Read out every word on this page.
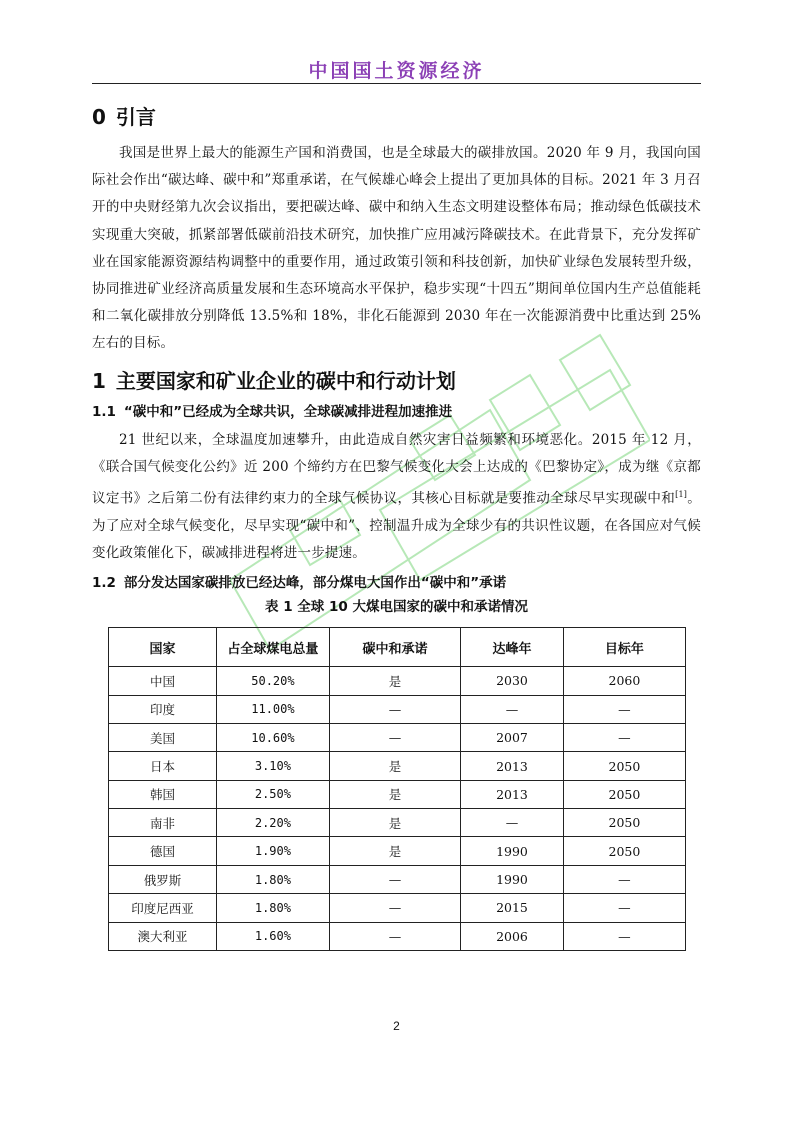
中国国土资源经济
0 引言

我国是世界上最大的能源生产国和消费国，也是全球最大的碳排放国。2020 年 9 月，我国向国际社会作出“碳达峰、碳中和”郑重承诺，在气候雄心峰会上提出了更加具体的目标。2021 年 3 月召开的中央财经第九次会议指出，要把碳达峰、碳中和纳入生态文明建设整体布局；推动绿色低碳技术实现重大突破，抓紧部署低碳前沿技术研究，加快推广应用减污降碳技术。在此背景下，充分发挥矿业在国家能源资源结构调整中的重要作用，通过政策引领和科技创新，加快矿业绿色发展转型升级，协同推进矿业经济高质量发展和生态环境高水平保护，稳步实现“十四五”期间单位国内生产总值能耗和二氧化碳排放分别降低 13.5%和 18%，非化石能源到 2030 年在一次能源消费中比重达到 25%左右的目标。

1 主要国家和矿业企业的碳中和行动计划
1.1 “碳中和”已经成为全球共识，全球碳减排进程加速推进

21 世纪以来，全球温度加速攀升，由此造成自然灾害日益频繁和环境恶化。2015 年 12 月，《联合国气候变化公约》近 200 个缔约方在巴黎气候变化大会上达成的《巴黎协定》，成为继《京都议定书》之后第二份有法律约束力的全球气候协议，其核心目标就是要推动全球尽早实现碳中和[1]。为了应对全球气候变化，尽早实现“碳中和”、控制温升成为全球少有的共识性议题，在各国应对气候变化政策催化下，碳减排进程将进一步提速。

1.2 部分发达国家碳排放已经达峰，部分煤电大国作出“碳中和”承诺
表 1 全球 10 大煤电国家的碳中和承诺情况
国家	占全球煤电总量	碳中和承诺	达峰年	目标年
中国	50.20%	是	2030	2060
印度	11.00%	—	—	—
美国	10.60%	—	2007	—
日本	3.10%	是	2013	2050
韩国	2.50%	是	2013	2050
南非	2.20%	是	—	2050
德国	1.90%	是	1990	2050
俄罗斯	1.80%	—	1990	—
印度尼西亚	1.80%	—	2015	—
澳大利亚	1.60%	—	2006	—
2
